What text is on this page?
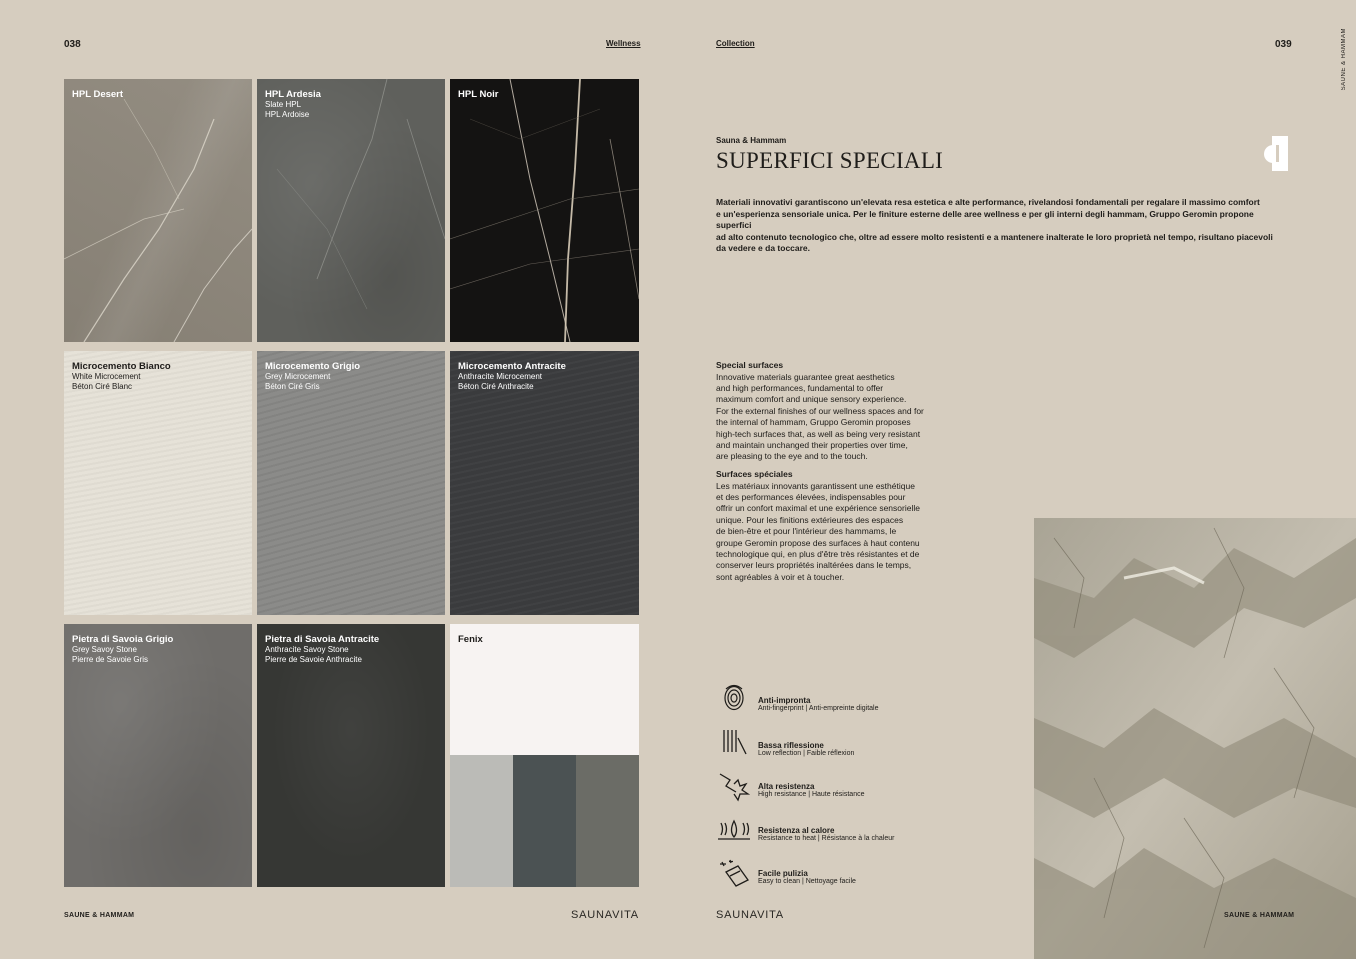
038	Wellness
HPL Desert	HPL Ardesia
Slate HPL
HPL Ardoise
HPL Noir
Microcemento Bianco
White Microcement
Béton Ciré Blanc
Microcemento Grigio
Grey Microcement
Béton Ciré Gris
Microcemento Antracite
Anthracite Microcement
Béton Ciré Anthracite
Pietra di Savoia Grigio
Grey Savoy Stone
Pierre de Savoie Gris
Pietra di Savoia Antracite
Anthracite Savoy Stone
Pierre de Savoie Anthracite
Fenix
SAUNE & HAMMAM	SAUNAVITA
Collection	039	SAUNE & HAMMAM
Sauna & Hammam
SUPERFICI SPECIALI
Materiali innovativi garantiscono un'elevata resa estetica e alte performance, rivelandosi fondamentali per regalare il massimo comfort
e un'esperienza sensoriale unica. Per le finiture esterne delle aree wellness e per gli interni degli hammam, Gruppo Geromin propone superfici
ad alto contenuto tecnologico che, oltre ad essere molto resistenti e a mantenere inalterate le loro proprietà nel tempo, risultano piacevoli
da vedere e da toccare.
Special surfaces
Innovative materials guarantee great aesthetics
and high performances, fundamental to offer
maximum comfort and unique sensory experience.
For the external finishes of our wellness spaces and for
the internal of hammam, Gruppo Geromin proposes
high-tech surfaces that, as well as being very resistant
and maintain unchanged their properties over time,
are pleasing to the eye and to the touch.
Surfaces spéciales
Les matériaux innovants garantissent une esthétique
et des performances élevées, indispensables pour
offrir un confort maximal et une expérience sensorielle
unique. Pour les finitions extérieures des espaces
de bien-être et pour l'intérieur des hammams, le
groupe Geromin propose des surfaces à haut contenu
technologique qui, en plus d'être très résistantes et de
conserver leurs propriétés inaltérées dans le temps,
sont agréables à voir et à toucher.
Anti-impronta
Anti-fingerprint | Anti-empreinte digitale
Bassa riflessione
Low reflection | Faible réflexion
Alta resistenza
High resistance | Haute résistance
Resistenza al calore
Resistance to heat | Résistance à la chaleur
Facile pulizia
Easy to clean | Nettoyage facile
SAUNAVITA	SAUNE & HAMMAM
